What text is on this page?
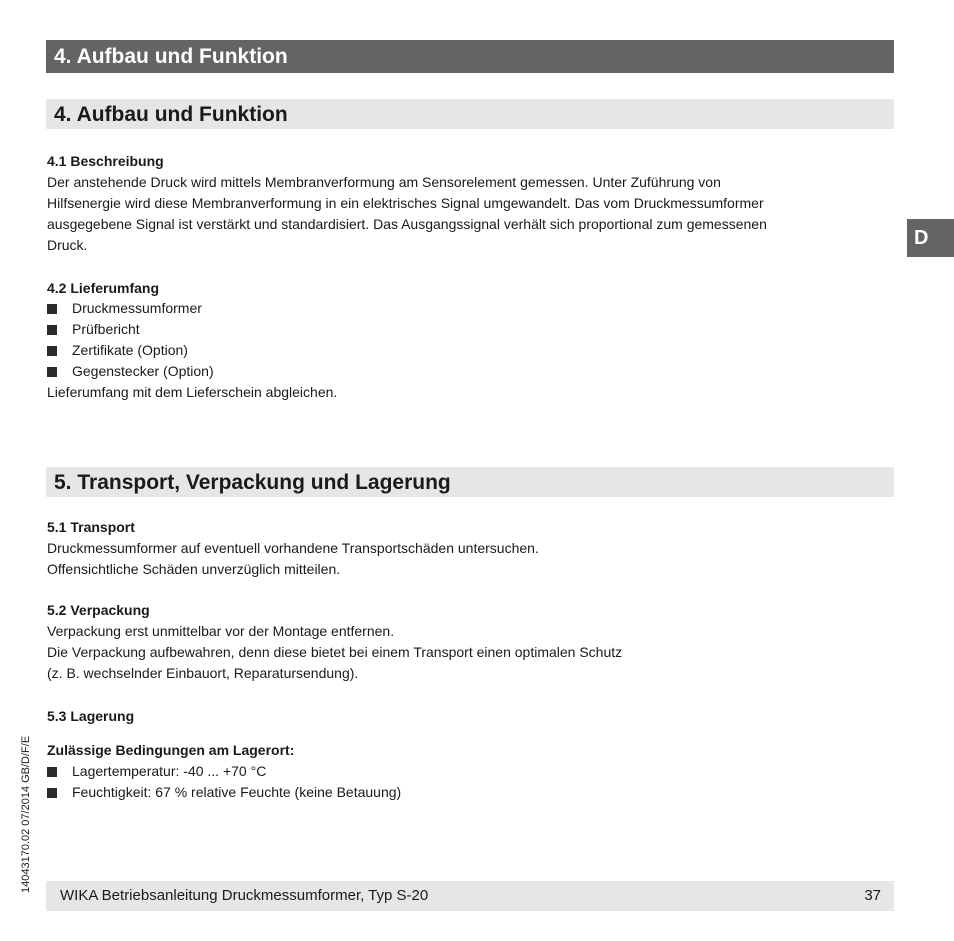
4. Aufbau und Funktion
4. Aufbau und Funktion
4.1 Beschreibung
Der anstehende Druck wird mittels Membranverformung am Sensorelement gemessen. Unter Zuführung von
Hilfsenergie wird diese Membranverformung in ein elektrisches Signal umgewandelt. Das vom Druckmessumformer
ausgegebene Signal ist verstärkt und standardisiert. Das Ausgangssignal verhält sich proportional zum gemessenen
Druck.
4.2 Lieferumfang
Druckmessumformer
Prüfbericht
Zertifikate (Option)
Gegenstecker (Option)
Lieferumfang mit dem Lieferschein abgleichen.
5. Transport, Verpackung und Lagerung
5.1 Transport
Druckmessumformer auf eventuell vorhandene Transportschäden untersuchen.
Offensichtliche Schäden unverzüglich mitteilen.
5.2 Verpackung
Verpackung erst unmittelbar vor der Montage entfernen.
Die Verpackung aufbewahren, denn diese bietet bei einem Transport einen optimalen Schutz
(z. B. wechselnder Einbauort, Reparatursendung).
5.3 Lagerung
Zulässige Bedingungen am Lagerort:
Lagertemperatur: -40 ... +70 °C
Feuchtigkeit: 67 % relative Feuchte (keine Betauung)
D
14043170.02 07/2014 GB/D/F/E
WIKA Betriebsanleitung Druckmessumformer, Typ S-20	37
